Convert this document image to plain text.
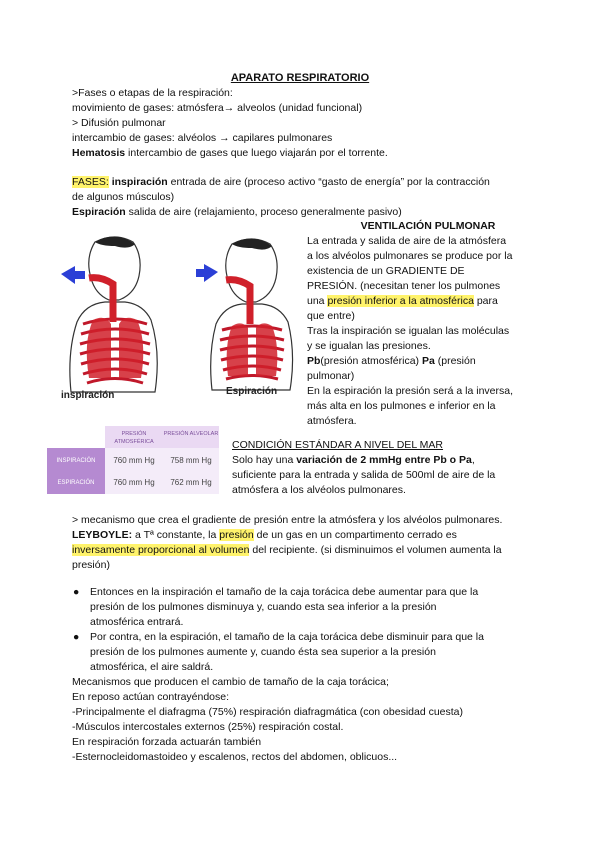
APARATO RESPIRATORIO
>Fases o etapas de la respiración:
movimiento de gases: atmósfera→ alveolos (unidad funcional)
> Difusión pulmonar
intercambio de gases: alvéolos → capilares pulmonares
Hematosis intercambio de gases que luego viajarán por el torrente.
FASES: inspiración entrada de aire (proceso activo “gasto de energía” por la contracción
de algunos músculos)
Espiración salida de aire (relajamiento, proceso generalmente pasivo)
inspiración	Espiración
VENTILACIÓN PULMONAR
La entrada y salida de aire de la atmósfera
a los alvéolos pulmonares se produce por la
existencia de un GRADIENTE DE
PRESIÓN. (necesitan tener los pulmones
una presión inferior a la atmosférica para
que entre)
Tras la inspiración se igualan las moléculas
y se igualan las presiones.
Pb(presión atmosférica) Pa (presión
pulmonar)
En la espiración la presión será a la inversa,
más alta en los pulmones e inferior en la
atmósfera.
PRESIÓN ATMOSFÉRICA
PRESIÓN ALVEOLAR
INSPIRACIÓN	760 mm Hg	758 mm Hg
ESPIRACIÓN	760 mm Hg	762 mm Hg
CONDICIÓN ESTÁNDAR A NIVEL DEL MAR
Solo hay una variación de 2 mmHg entre Pb o Pa,
suficiente para la entrada y salida de 500ml de aire de la
atmósfera a los alvéolos pulmonares.
> mecanismo que crea el gradiente de presión entre la atmósfera y los alvéolos pulmonares.
LEYBOYLE: a Tª constante, la presión de un gas en un compartimento cerrado es
inversamente proporcional al volumen del recipiente. (si disminuimos el volumen aumenta la
presión)
● Entonces en la inspiración el tamaño de la caja torácica debe aumentar para que la
presión de los pulmones disminuya y, cuando esta sea inferior a la presión
atmosférica entrará.
● Por contra, en la espiración, el tamaño de la caja torácica debe disminuir para que la
presión de los pulmones aumente y, cuando ésta sea superior a la presión
atmosférica, el aire saldrá.
Mecanismos que producen el cambio de tamaño de la caja torácica;
En reposo actúan contrayéndose:
-Principalmente el diafragma (75%) respiración diafragmática (con obesidad cuesta)
-Músculos intercostales externos (25%) respiración costal.
En respiración forzada actuarán también
-Esternocleidomastoideo y escalenos, rectos del abdomen, oblicuos...
